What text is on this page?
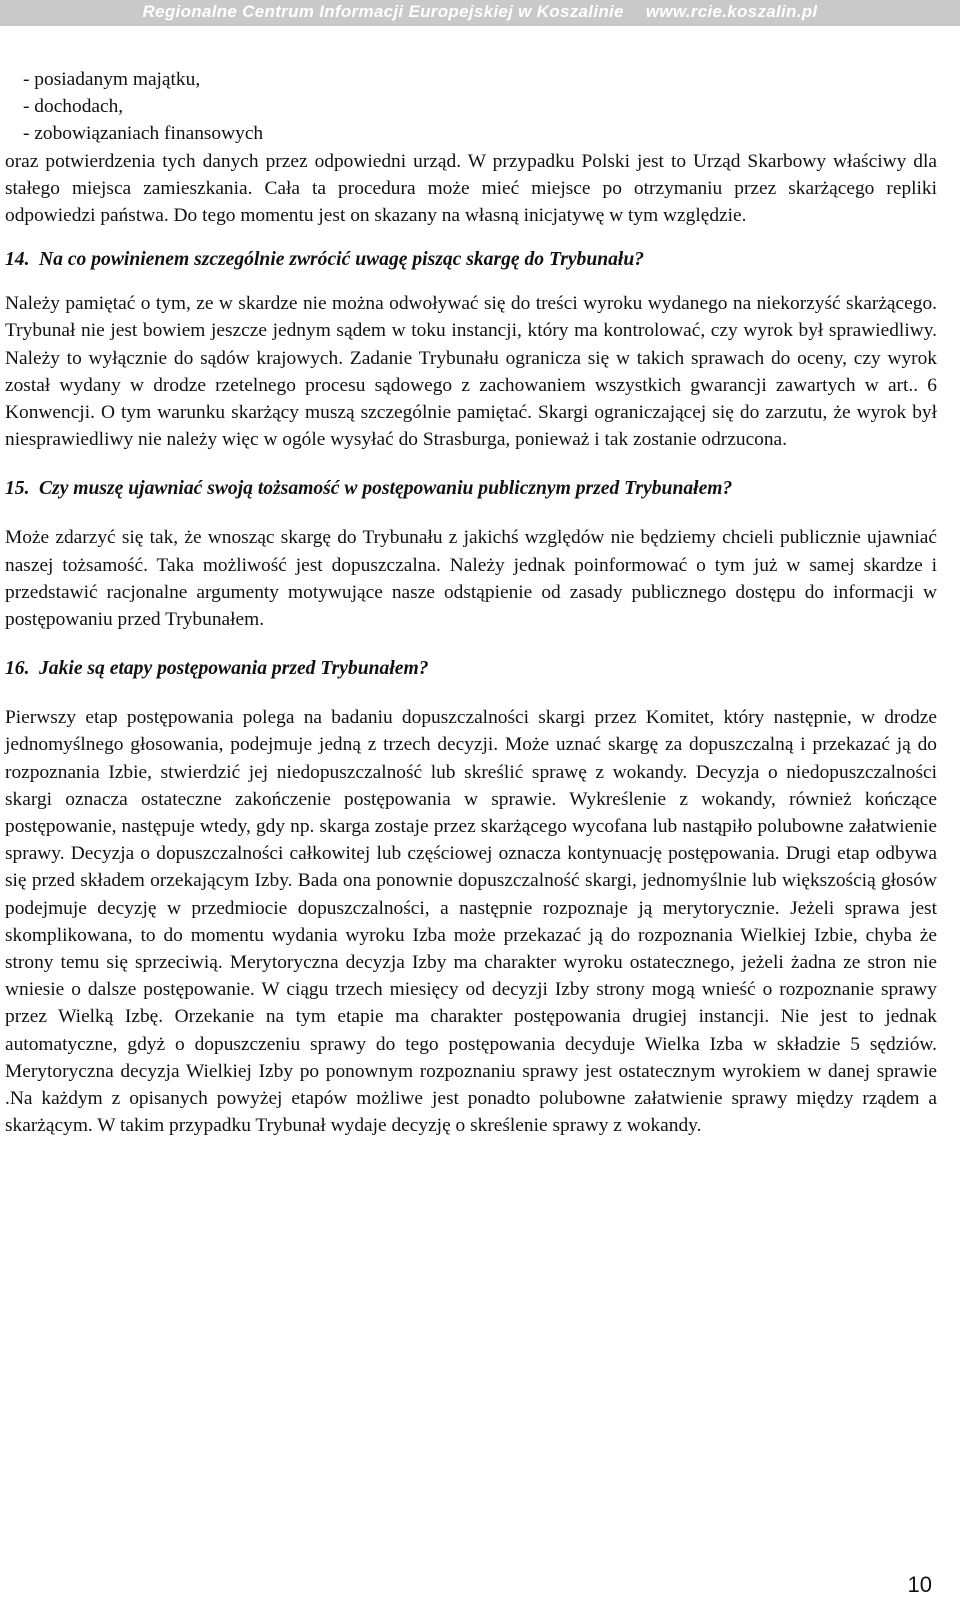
Regionalne Centrum Informacji Europejskiej w Koszalinie www.rcie.koszalin.pl
- posiadanym majątku,
- dochodach,
- zobowiązaniach finansowych

oraz potwierdzenia tych danych przez odpowiedni urząd. W przypadku Polski jest to Urząd Skarbowy właściwy dla stałego miejsca zamieszkania. Cała ta procedura może mieć miejsce po otrzymaniu przez skarżącego repliki odpowiedzi państwa. Do tego momentu jest on skazany na własną inicjatywę w tym względzie.

14. Na co powinienem szczególnie zwrócić uwagę pisząc skargę do Trybunału?

Należy pamiętać o tym, ze w skardze nie można odwoływać się do treści wyroku wydanego na niekorzyść skarżącego. Trybunał nie jest bowiem jeszcze jednym sądem w toku instancji, który ma kontrolować, czy wyrok był sprawiedliwy. Należy to wyłącznie do sądów krajowych. Zadanie Trybunału ogranicza się w takich sprawach do oceny, czy wyrok został wydany w drodze rzetelnego procesu sądowego z zachowaniem wszystkich gwarancji zawartych w art.. 6 Konwencji. O tym warunku skarżący muszą szczególnie pamiętać. Skargi ograniczającej się do zarzutu, że wyrok był niesprawiedliwy nie należy więc w ogóle wysyłać do Strasburga, ponieważ i tak zostanie odrzucona.

15. Czy muszę ujawniać swoją tożsamość w postępowaniu publicznym przed Trybunałem?

Może zdarzyć się tak, że wnosząc skargę do Trybunału z jakichś względów nie będziemy chcieli publicznie ujawniać naszej tożsamość. Taka możliwość jest dopuszczalna. Należy jednak poinformować o tym już w samej skardze i przedstawić racjonalne argumenty motywujące nasze odstąpienie od zasady publicznego dostępu do informacji w postępowaniu przed Trybunałem.

16. Jakie są etapy postępowania przed Trybunałem?

Pierwszy etap postępowania polega na badaniu dopuszczalności skargi przez Komitet, który następnie, w drodze jednomyślnego głosowania, podejmuje jedną z trzech decyzji. Może uznać skargę za dopuszczalną i przekazać ją do rozpoznania Izbie, stwierdzić jej niedopuszczalność lub skreślić sprawę z wokandy. Decyzja o niedopuszczalności skargi oznacza ostateczne zakończenie postępowania w sprawie. Wykreślenie z wokandy, również kończące postępowanie, następuje wtedy, gdy np. skarga zostaje przez skarżącego wycofana lub nastąpiło polubowne załatwienie sprawy. Decyzja o dopuszczalności całkowitej lub częściowej oznacza kontynuację postępowania. Drugi etap odbywa się przed składem orzekającym Izby. Bada ona ponownie dopuszczalność skargi, jednomyślnie lub większością głosów podejmuje decyzję w przedmiocie dopuszczalności, a następnie rozpoznaje ją merytorycznie. Jeżeli sprawa jest skomplikowana, to do momentu wydania wyroku Izba może przekazać ją do rozpoznania Wielkiej Izbie, chyba że strony temu się sprzeciwią. Merytoryczna decyzja Izby ma charakter wyroku ostatecznego, jeżeli żadna ze stron nie wniesie o dalsze postępowanie. W ciągu trzech miesięcy od decyzji Izby strony mogą wnieść o rozpoznanie sprawy przez Wielką Izbę. Orzekanie na tym etapie ma charakter postępowania drugiej instancji. Nie jest to jednak automatyczne, gdyż o dopuszczeniu sprawy do tego postępowania decyduje Wielka Izba w składzie 5 sędziów. Merytoryczna decyzja Wielkiej Izby po ponownym rozpoznaniu sprawy jest ostatecznym wyrokiem w danej sprawie .Na każdym z opisanych powyżej etapów możliwe jest ponadto polubowne załatwienie sprawy między rządem a skarżącym. W takim przypadku Trybunał wydaje decyzję o skreślenie sprawy z wokandy.

10
